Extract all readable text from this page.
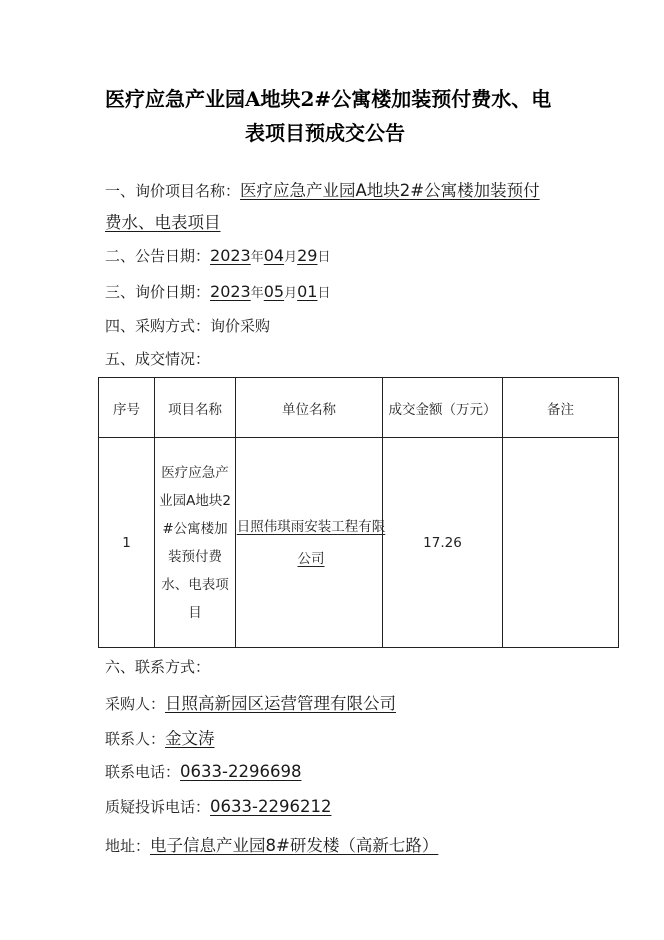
医疗应急产业园A地块2#公寓楼加装预付费水、电
表项目预成交公告
一、询价项目名称：医疗应急产业园A地块2#公寓楼加装预付
费水、电表项目
二、公告日期：2023年04月29日
三、询价日期：2023年05月01日
四、采购方式：询价采购
五、成交情况：
序号	项目名称	单位名称	成交金额（万元）	备注
1	医疗应急产业园A地块2#公寓楼加装预付费水、电表项目	日照伟琪雨安装工程有限公司	17.26	
六、联系方式：
采购人：日照高新园区运营管理有限公司
联系人：金文涛
联系电话：0633-2296698
质疑投诉电话：0633-2296212
地址：电子信息产业园8#研发楼（高新七路）
